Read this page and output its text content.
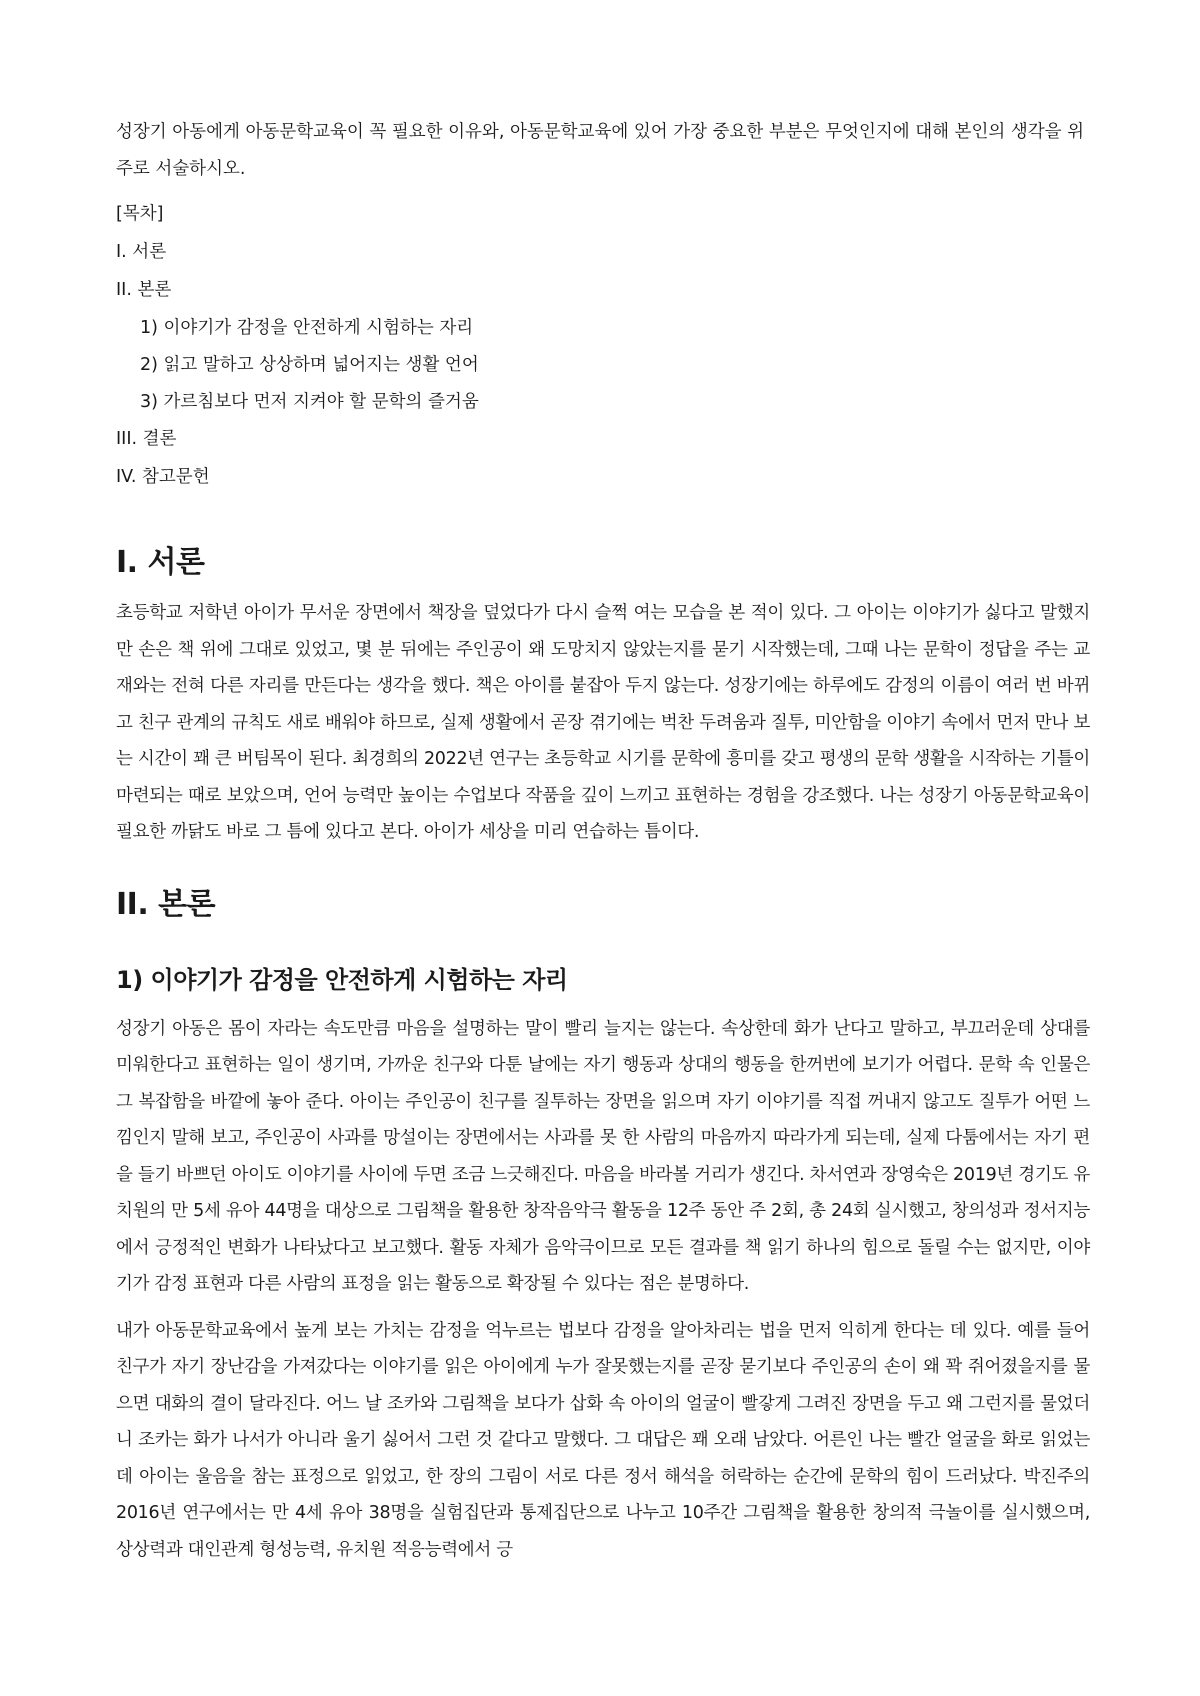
성장기 아동에게 아동문학교육이 꼭 필요한 이유와, 아동문학교육에 있어 가장 중요한 부분은 무엇인지에 대해 본인의 생각을 위주로 서술하시오.

[목차]
I. 서론
II. 본론
1) 이야기가 감정을 안전하게 시험하는 자리
2) 읽고 말하고 상상하며 넓어지는 생활 언어
3) 가르침보다 먼저 지켜야 할 문학의 즐거움
III. 결론
IV. 참고문헌
I. 서론

초등학교 저학년 아이가 무서운 장면에서 책장을 덮었다가 다시 슬쩍 여는 모습을 본 적이 있다. 그 아이는 이야기가 싫다고 말했지만 손은 책 위에 그대로 있었고, 몇 분 뒤에는 주인공이 왜 도망치지 않았는지를 묻기 시작했는데, 그때 나는 문학이 정답을 주는 교재와는 전혀 다른 자리를 만든다는 생각을 했다. 책은 아이를 붙잡아 두지 않는다. 성장기에는 하루에도 감정의 이름이 여러 번 바뀌고 친구 관계의 규칙도 새로 배워야 하므로, 실제 생활에서 곧장 겪기에는 벅찬 두려움과 질투, 미안함을 이야기 속에서 먼저 만나 보는 시간이 꽤 큰 버팀목이 된다. 최경희의 2022년 연구는 초등학교 시기를 문학에 흥미를 갖고 평생의 문학 생활을 시작하는 기틀이 마련되는 때로 보았으며, 언어 능력만 높이는 수업보다 작품을 깊이 느끼고 표현하는 경험을 강조했다. 나는 성장기 아동문학교육이 필요한 까닭도 바로 그 틈에 있다고 본다. 아이가 세상을 미리 연습하는 틈이다.

II. 본론
1) 이야기가 감정을 안전하게 시험하는 자리

성장기 아동은 몸이 자라는 속도만큼 마음을 설명하는 말이 빨리 늘지는 않는다. 속상한데 화가 난다고 말하고, 부끄러운데 상대를 미워한다고 표현하는 일이 생기며, 가까운 친구와 다툰 날에는 자기 행동과 상대의 행동을 한꺼번에 보기가 어렵다. 문학 속 인물은 그 복잡함을 바깥에 놓아 준다. 아이는 주인공이 친구를 질투하는 장면을 읽으며 자기 이야기를 직접 꺼내지 않고도 질투가 어떤 느낌인지 말해 보고, 주인공이 사과를 망설이는 장면에서는 사과를 못 한 사람의 마음까지 따라가게 되는데, 실제 다툼에서는 자기 편을 들기 바쁘던 아이도 이야기를 사이에 두면 조금 느긋해진다. 마음을 바라볼 거리가 생긴다. 차서연과 장영숙은 2019년 경기도 유치원의 만 5세 유아 44명을 대상으로 그림책을 활용한 창작음악극 활동을 12주 동안 주 2회, 총 24회 실시했고, 창의성과 정서지능에서 긍정적인 변화가 나타났다고 보고했다. 활동 자체가 음악극이므로 모든 결과를 책 읽기 하나의 힘으로 돌릴 수는 없지만, 이야기가 감정 표현과 다른 사람의 표정을 읽는 활동으로 확장될 수 있다는 점은 분명하다.

내가 아동문학교육에서 높게 보는 가치는 감정을 억누르는 법보다 감정을 알아차리는 법을 먼저 익히게 한다는 데 있다. 예를 들어 친구가 자기 장난감을 가져갔다는 이야기를 읽은 아이에게 누가 잘못했는지를 곧장 묻기보다 주인공의 손이 왜 꽉 쥐어졌을지를 물으면 대화의 결이 달라진다. 어느 날 조카와 그림책을 보다가 삽화 속 아이의 얼굴이 빨갛게 그려진 장면을 두고 왜 그런지를 물었더니 조카는 화가 나서가 아니라 울기 싫어서 그런 것 같다고 말했다. 그 대답은 꽤 오래 남았다. 어른인 나는 빨간 얼굴을 화로 읽었는데 아이는 울음을 참는 표정으로 읽었고, 한 장의 그림이 서로 다른 정서 해석을 허락하는 순간에 문학의 힘이 드러났다. 박진주의 2016년 연구에서는 만 4세 유아 38명을 실험집단과 통제집단으로 나누고 10주간 그림책을 활용한 창의적 극놀이를 실시했으며, 상상력과 대인관계 형성능력, 유치원 적응능력에서 긍
